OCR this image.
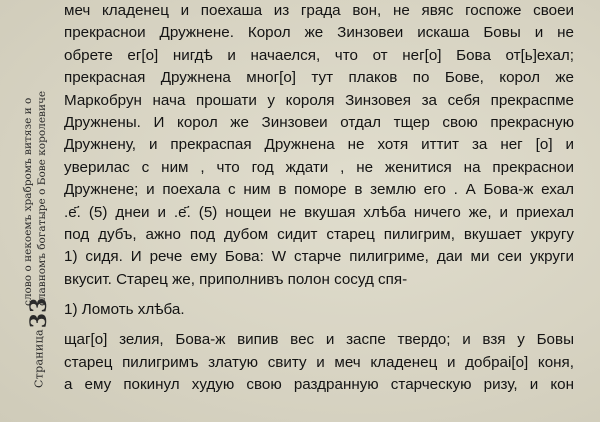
Страница33
слово о некоемъ храбромъ витязе и о славномъ богатыре о Бове королевиче
меч кладенец и поехаша из града вон, не явяс госпоже своеи
прекраснои Дружнене. Корол же Зинзовеи искаша Бовы и не
обрете ег[о] нигдѣ и начаелся, что от нег[о] Бова от[ь]ехал;
прекрасная Дружнена мног[о] тут плаков по Бове, корол же
Маркобрун нача прошати у короля Зинзовея за себя прекраспме
Дружнены. И корол же Зинзовеи отдал тщер свою прекрасную
Дружнену, и прекраспая Дружнена не хотя иттит за нег [о] и
уверилас с ним , что год ждати , не женитися на прекраснои
Дружнене; и поехала с ним в поморе в землю его . А Бова-ж ехал
.е҃. (5) днеи и .е҃. (5) нощеи не вкушая хлѣба ничего же, и приехал
под дубъ, ажно под дубом сидит старец пилигрим, вкушает укругу
1) сидя. И рече ему Бова: W старче пилигриме, даи ми сеи укруги
вкусит. Старец же, приполнивъ полон сосуд спя-
1) Ломоть хлѣба.
щаг[о] зелия, Бова-ж випив вес и заспе твердо; и взя у Бовы
старец пилигримъ златую свиту и меч кладенец и добраі[о] коня,
а ему покинул худую свою раздранную старческую ризу, и кон
